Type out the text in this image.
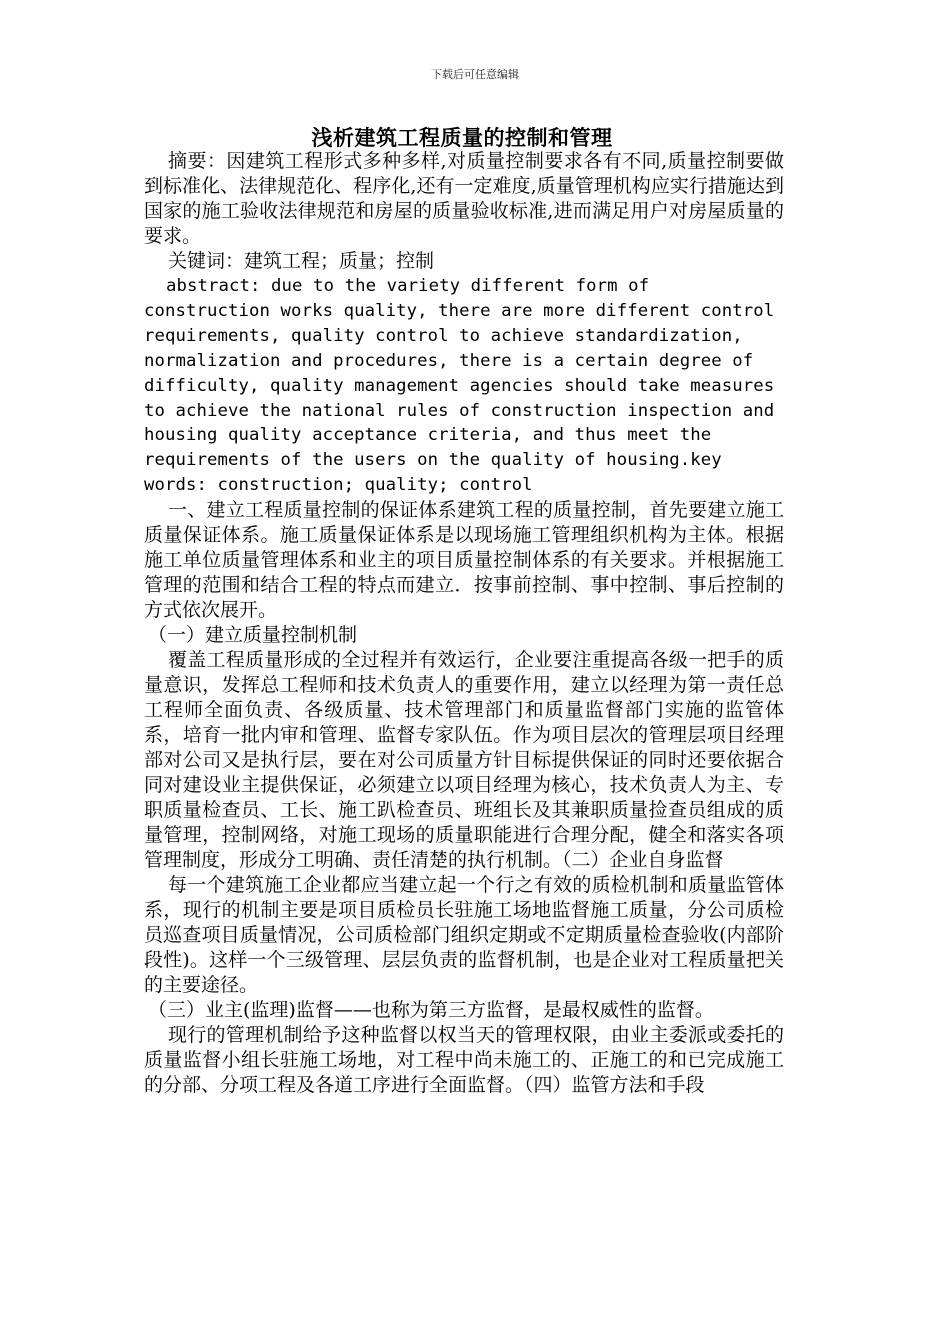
下载后可任意编辑
浅析建筑工程质量的控制和管理

摘要：因建筑工程形式多种多样,对质量控制要求各有不同,质量控制要做到标准化、法律规范化、程序化,还有一定难度,质量管理机构应实行措施达到国家的施工验收法律规范和房屋的质量验收标准,进而满足用户对房屋质量的要求。

关键词：建筑工程；质量；控制

abstract: due to the variety different form of construction works quality, there are more different control requirements, quality control to achieve standardization, normalization and procedures, there is a certain degree of difficulty, quality management agencies should take measures to achieve the national rules of construction inspection and housing quality acceptance criteria, and thus meet the requirements of the users on the quality of housing.key words: construction; quality; control

一、建立工程质量控制的保证体系建筑工程的质量控制，首先要建立施工质量保证体系。施工质量保证体系是以现场施工管理组织机构为主体。根据施工单位质量管理体系和业主的项目质量控制体系的有关要求。并根据施工管理的范围和结合工程的特点而建立．按事前控制、事中控制、事后控制的方式依次展开。

（一）建立质量控制机制

覆盖工程质量形成的全过程并有效运行，企业要注重提高各级一把手的质量意识，发挥总工程师和技术负责人的重要作用，建立以经理为第一责任总工程师全面负责、各级质量、技术管理部门和质量监督部门实施的监管体系，培育一批内审和管理、监督专家队伍。作为项目层次的管理层项目经理部对公司又是执行层，要在对公司质量方针目标提供保证的同时还要依据合同对建设业主提供保证，必须建立以项目经理为核心，技术负责人为主、专职质量检查员、工长、施工趴检查员、班组长及其兼职质量捡查员组成的质量管理，控制网络，对施工现场的质量职能进行合理分配，健全和落实各项管理制度，形成分工明确、责任清楚的执行机制。（二）企业自身监督

每一个建筑施工企业都应当建立起一个行之有效的质检机制和质量监管体系，现行的机制主要是项目质检员长驻施工场地监督施工质量，分公司质检员巡查项目质量情况，公司质检部门组织定期或不定期质量检查验收(内部阶段性)。这样一个三级管理、层层负责的监督机制，也是企业对工程质量把关的主要途径。

（三）业主(监理)监督——也称为第三方监督，是最权威性的监督。

现行的管理机制给予这种监督以权当天的管理权限，由业主委派或委托的质量监督小组长驻施工场地，对工程中尚未施工的、正施工的和已完成施工的分部、分项工程及各道工序进行全面监督。（四）监管方法和手段
